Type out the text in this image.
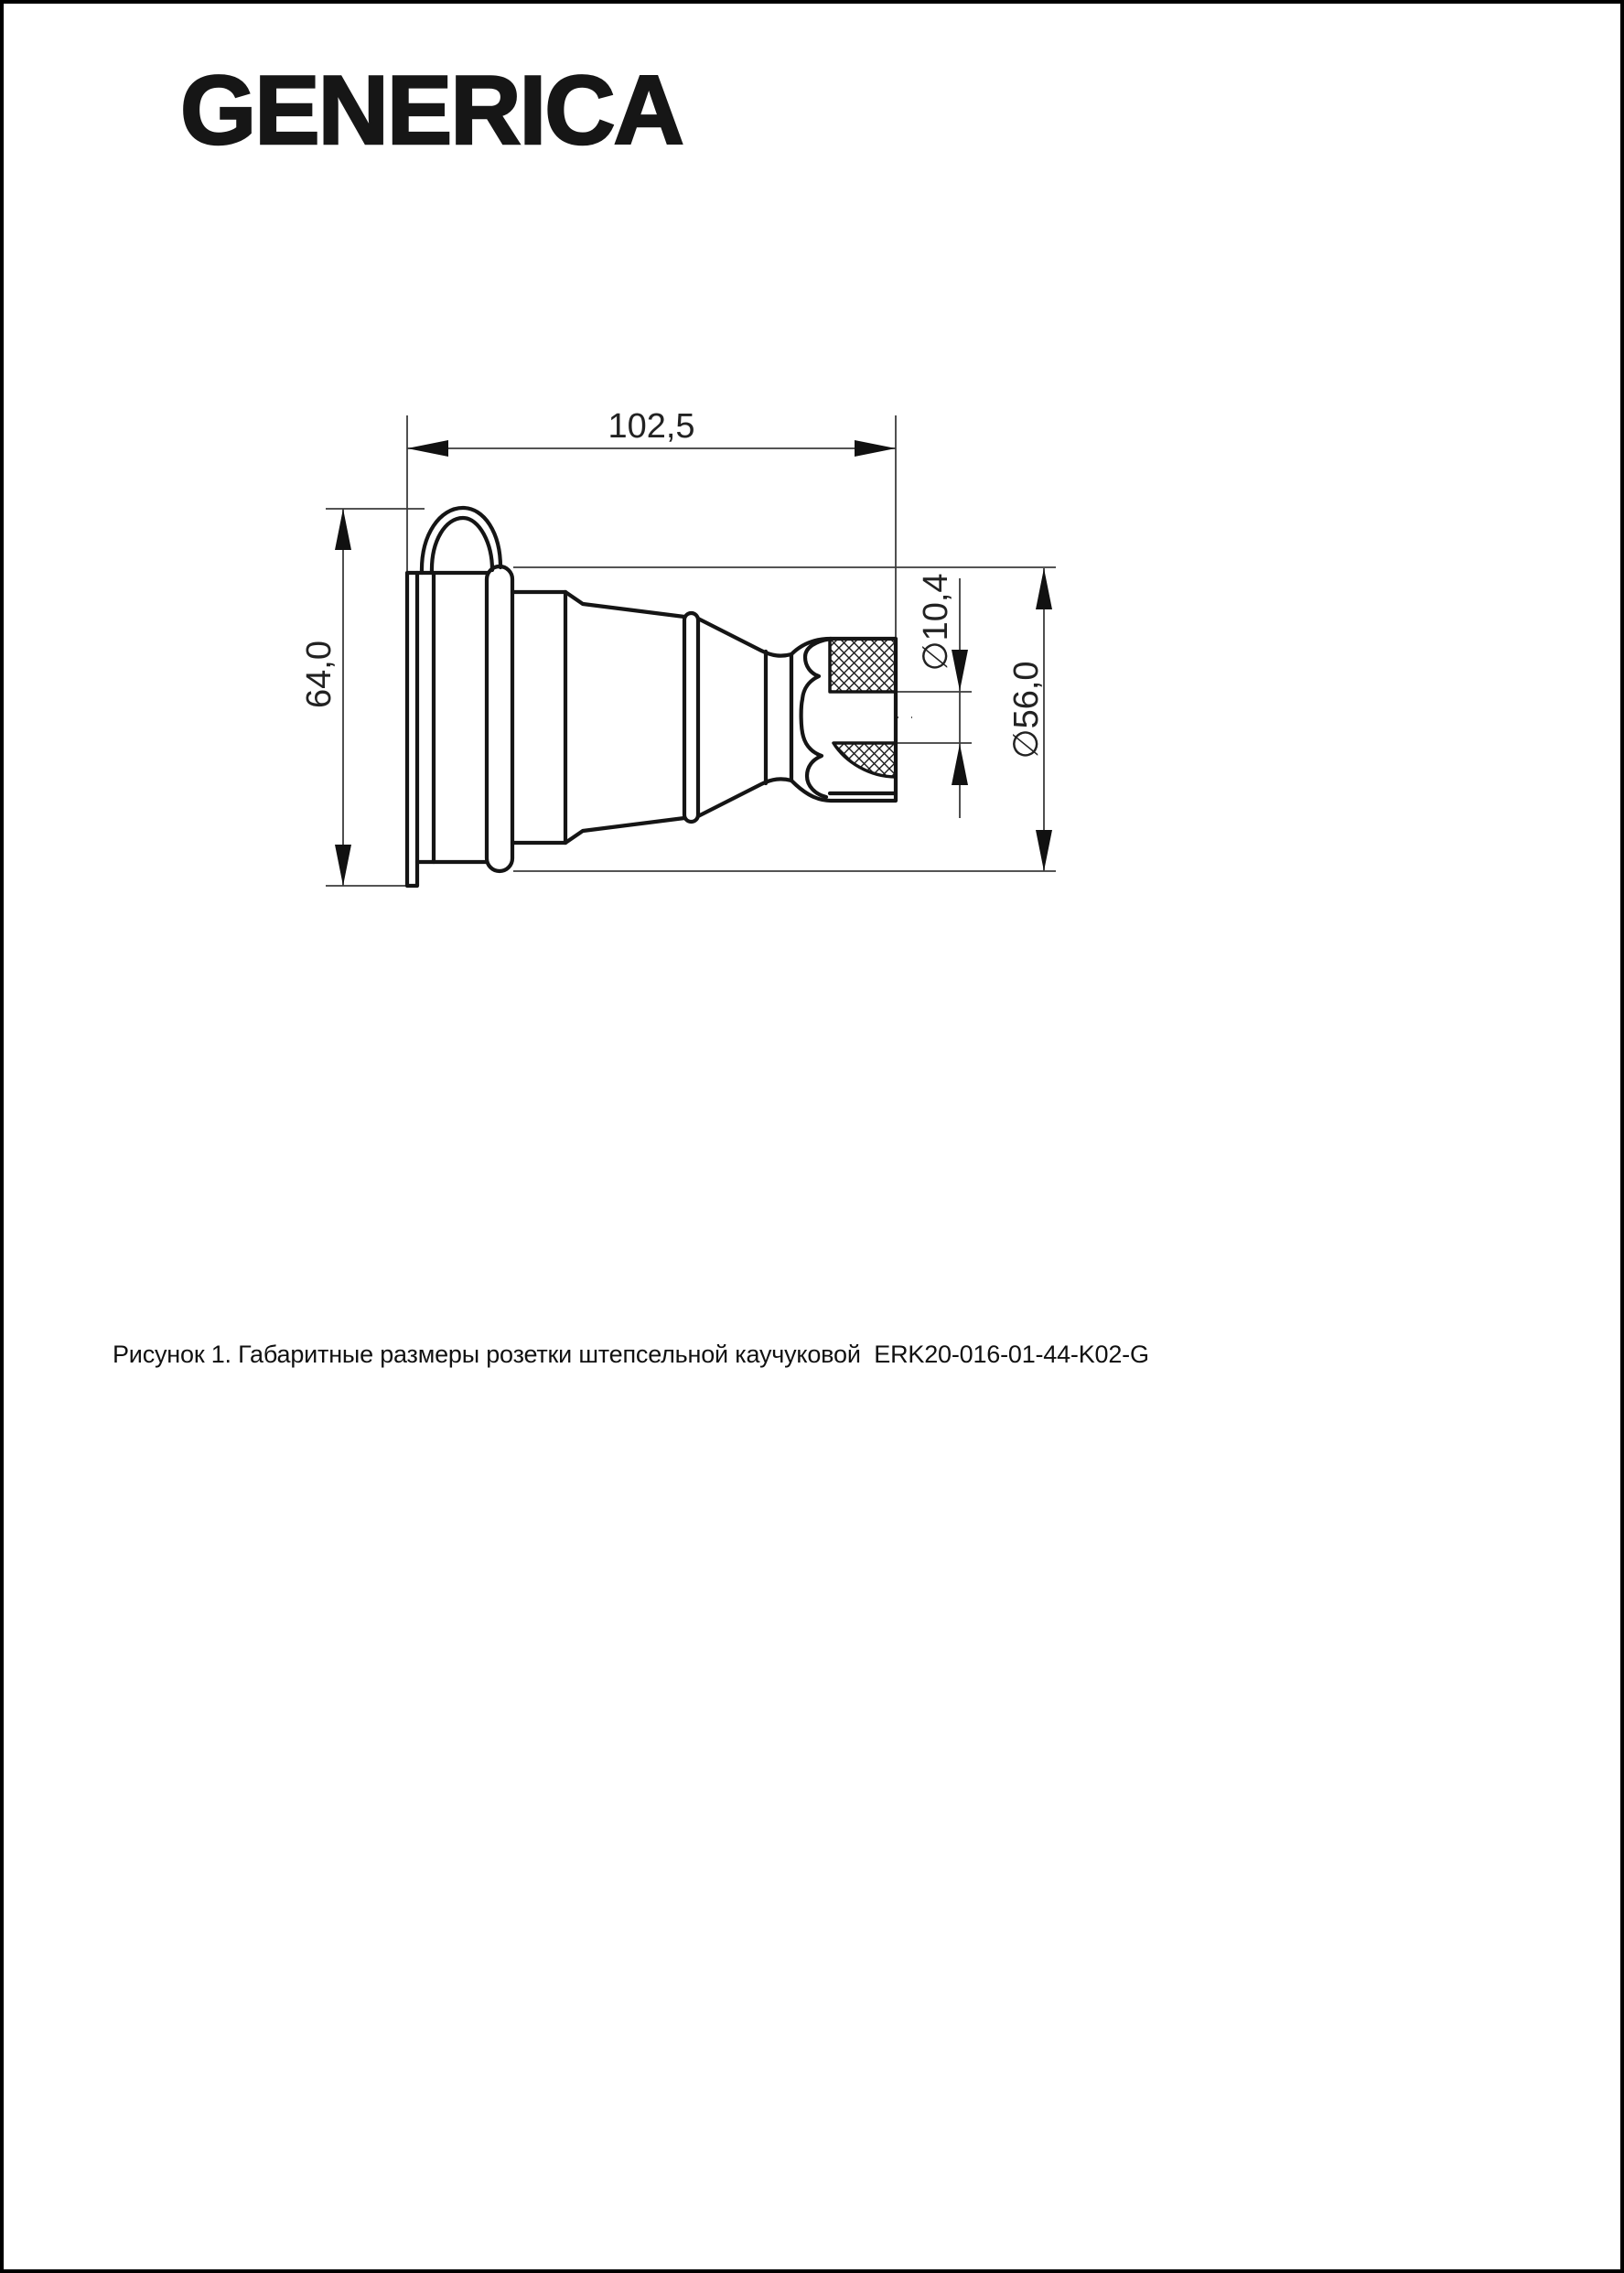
GENERICA
102,5
64,0
∅10,4
∅56,0
Рисунок 1. Габаритные размеры розетки штепсельной каучуковой  ERK20-016-01-44-K02-G
